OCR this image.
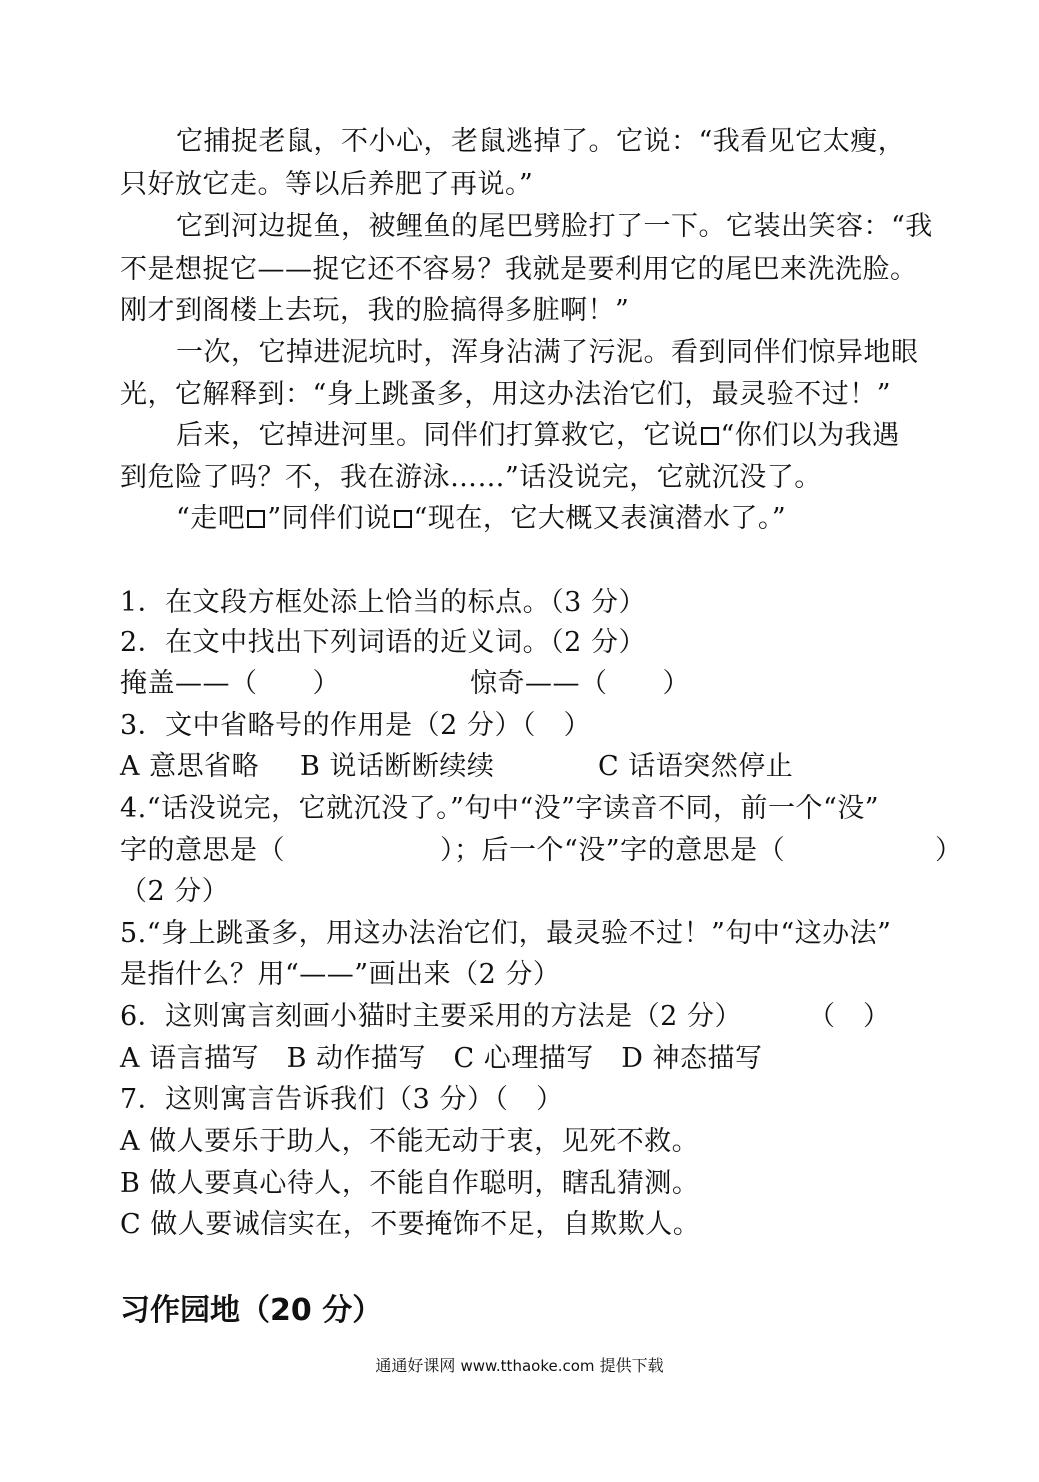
它捕捉老鼠，不小心，老鼠逃掉了。它说：“我看见它太瘦，
只好放它走。等以后养肥了再说。”
它到河边捉鱼，被鲤鱼的尾巴劈脸打了一下。它装出笑容：“我
不是想捉它——捉它还不容易？我就是要利用它的尾巴来洗洗脸。
刚才到阁楼上去玩，我的脸搞得多脏啊！”
一次，它掉进泥坑时，浑身沾满了污泥。看到同伴们惊异地眼
光，它解释到：“身上跳蚤多，用这办法治它们，最灵验不过！”
后来，它掉进河里。同伴们打算救它，它说 “你们以为我遇
到危险了吗？不，我在游泳……”话没说完，它就沉没了。
“走吧 ”同伴们说 “现在，它大概又表演潜水了。”
1．在文段方框处添上恰当的标点。（3 分）
2．在文中找出下列词语的近义词。（2 分）
掩盖——（　　）	惊奇——（　　）
3．文中省略号的作用是（2 分）（　）
A 意思省略 B 说话断断续续	C 话语突然停止
4.“话没说完，它就沉没了。”句中“没”字读音不同，前一个“没”
字的意思是（	）；后一个“没”字的意思是（	）
（2 分）
5.“身上跳蚤多，用这办法治它们，最灵验不过！”句中“这办法”
是指什么？用“——”画出来（2 分）
6．这则寓言刻画小猫时主要采用的方法是（2 分） （　）
A 语言描写　B 动作描写　C 心理描写　D 神态描写
7．这则寓言告诉我们（3 分）（　）
A 做人要乐于助人，不能无动于衷，见死不救。
B 做人要真心待人，不能自作聪明，瞎乱猜测。
C 做人要诚信实在，不要掩饰不足，自欺欺人。
习作园地（20 分）
通通好课网 www.tthaoke.com 提供下载
